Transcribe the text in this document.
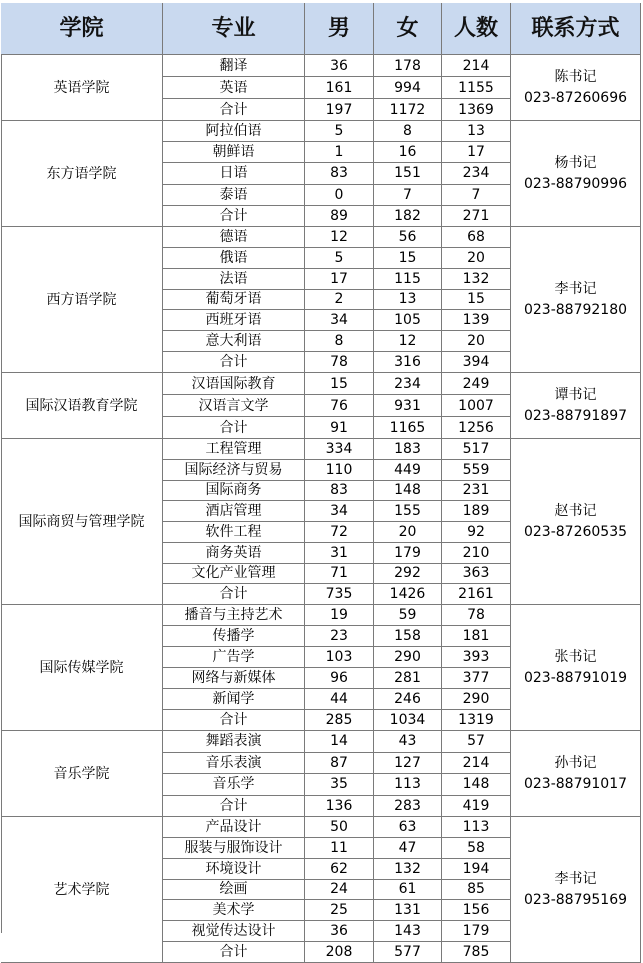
学院	专业	男	女	人数	联系方式
英语学院
翻译	36	178	214
英语	161	994	1155
合计	197	1172	1369
陈书记
023-87260696
东方语学院
阿拉伯语	5	8	13
朝鲜语	1	16	17
日语	83	151	234
泰语	0	7	7
合计	89	182	271
杨书记
023-88790996
西方语学院
德语	12	56	68
俄语	5	15	20
法语	17	115	132
葡萄牙语	2	13	15
西班牙语	34	105	139
意大利语	8	12	20
合计	78	316	394
李书记
023-88792180
国际汉语教育学院
汉语国际教育	15	234	249
汉语言文学	76	931	1007
合计	91	1165	1256
谭书记
023-88791897
国际商贸与管理学院
工程管理	334	183	517
国际经济与贸易	110	449	559
国际商务	83	148	231
酒店管理	34	155	189
软件工程	72	20	92
商务英语	31	179	210
文化产业管理	71	292	363
合计	735	1426	2161
赵书记
023-87260535
国际传媒学院
播音与主持艺术	19	59	78
传播学	23	158	181
广告学	103	290	393
网络与新媒体	96	281	377
新闻学	44	246	290
合计	285	1034	1319
张书记
023-88791019
音乐学院
舞蹈表演	14	43	57
音乐表演	87	127	214
音乐学	35	113	148
合计	136	283	419
孙书记
023-88791017
艺术学院
产品设计	50	63	113
服装与服饰设计	11	47	58
环境设计	62	132	194
绘画	24	61	85
美术学	25	131	156
视觉传达设计	36	143	179
合计	208	577	785
李书记
023-88795169
